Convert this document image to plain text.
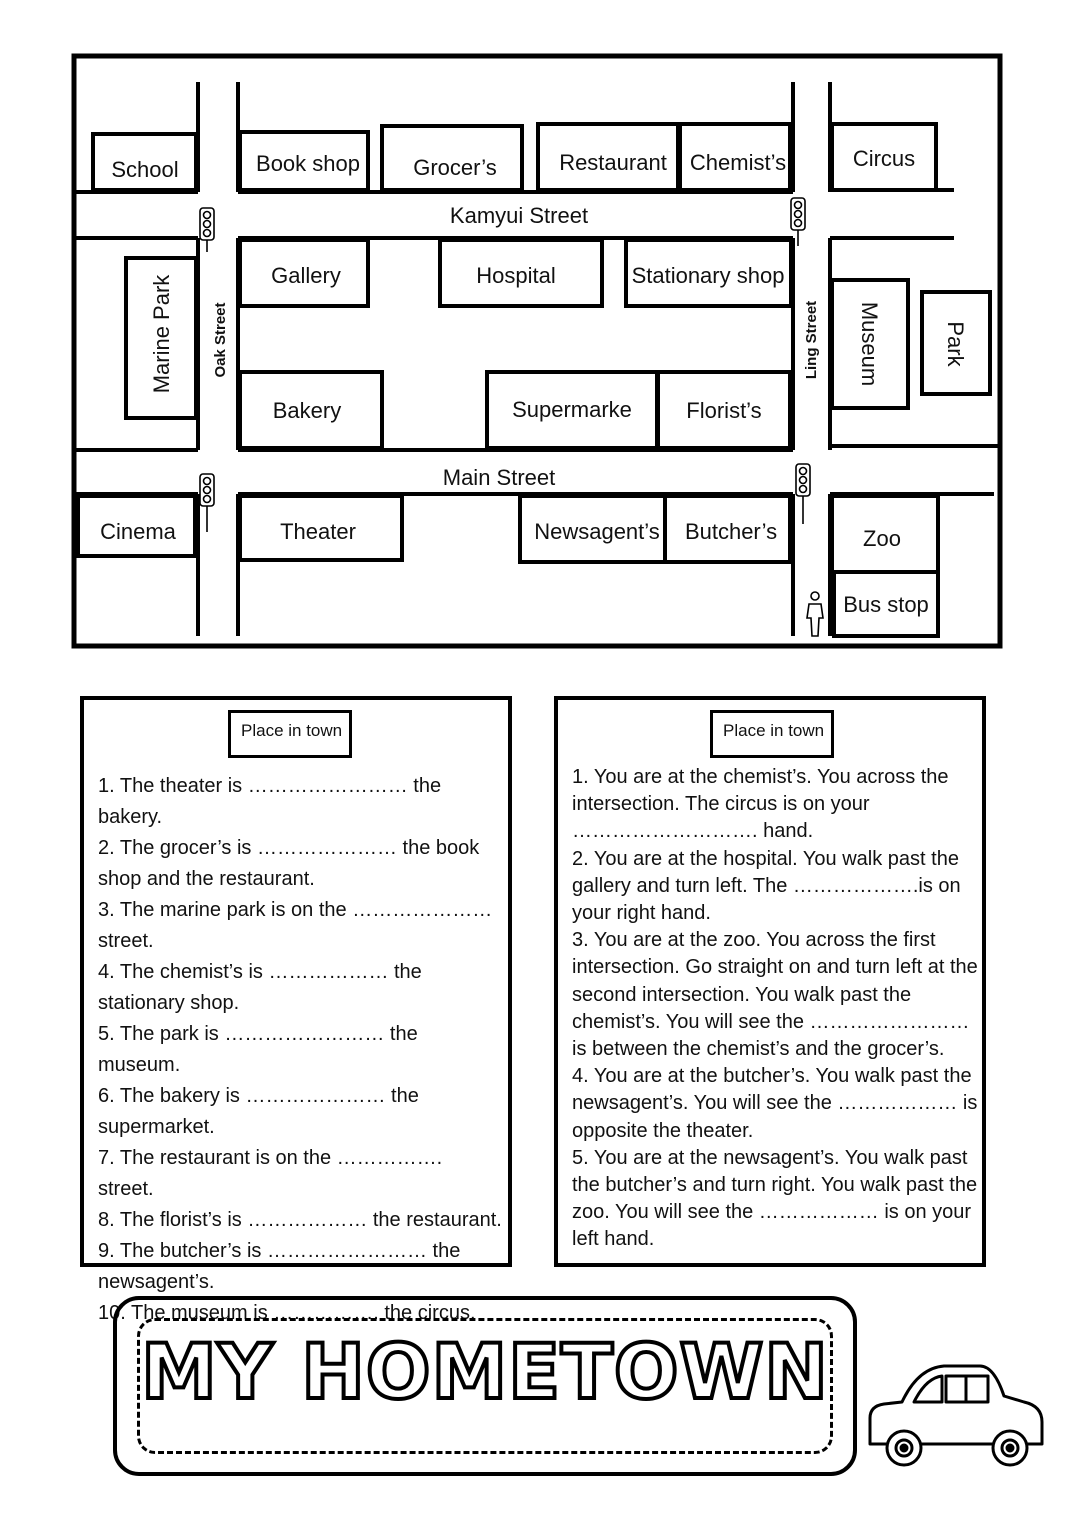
Kamyui Street
Main Street
Oak Street	Ling Street
School	Book shop Grocer’s	Restaurant Chemist’s	Circus
Marine Park	Gallery	Hospital	Stationary shop
Museum	Park
Bakery	Supermarke Florist’s
Cinema	Theater	Newsagent’s Butcher’s	Zoo
Bus stop
Place in town
1. The theater is …………………… the bakery.
2. The grocer’s is ………………… the book
shop and the restaurant.
3. The marine park is on the …………………
street.
4. The chemist’s is ……………… the
stationary shop.
5. The park is …………………… the museum.
6. The bakery is ………………… the
supermarket.
7. The restaurant is on the ……………. street.
8. The florist’s is ……………… the restaurant.
9. The butcher’s is …………………… the
newsagent’s.
10. The museum is ……………. the circus.
Place in town
1. You are at the chemist’s. You across the
intersection. The circus is on your
………………………. hand.
2. You are at the hospital. You walk past the
gallery and turn left. The ……………….is on
your right hand.
3. You are at the zoo. You across the first
intersection. Go straight on and turn left at the
second intersection. You walk past the
chemist’s. You will see the ……………………
is between the chemist’s and the grocer’s.
4. You are at the butcher’s. You walk past the
newsagent’s. You will see the ……………… is
opposite the theater.
5. You are at the newsagent’s. You walk past
the butcher’s and turn right. You walk past the
zoo. You will see the ……………… is on your
left hand.
MY HOMETOWN
